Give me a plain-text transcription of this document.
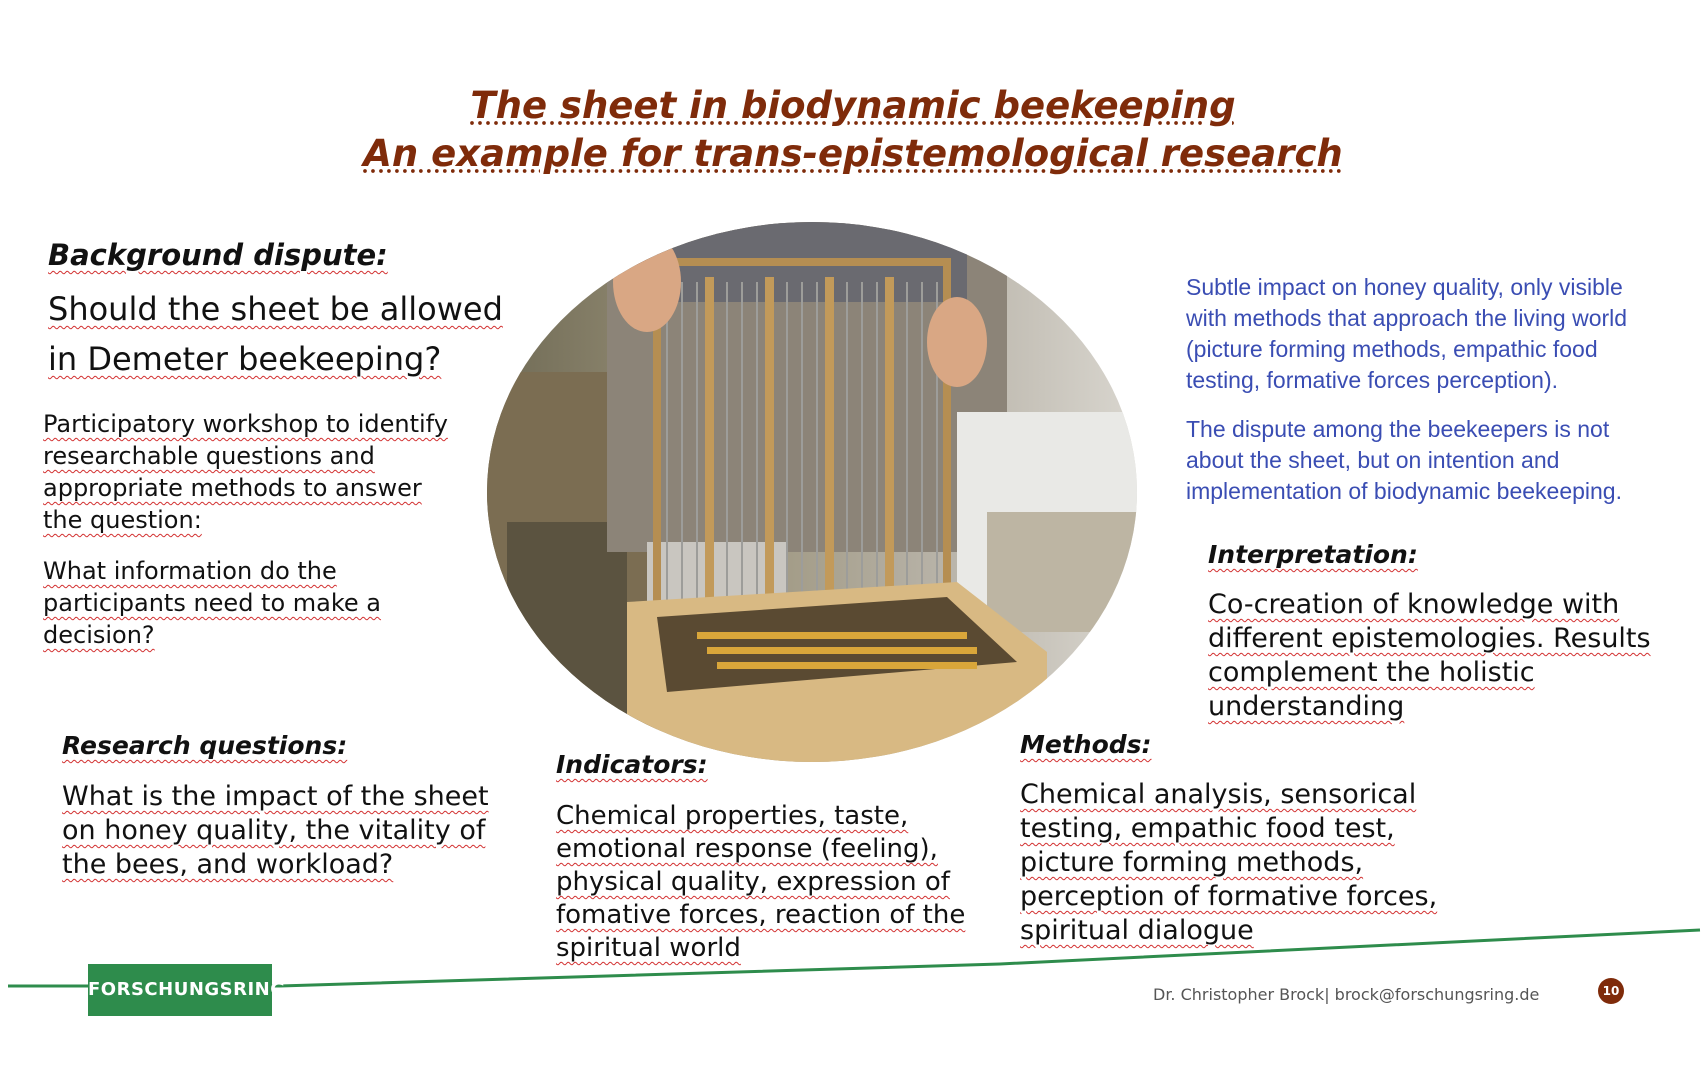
The sheet in biodynamic beekeeping
An example for trans-epistemological research
Background dispute:
Should the sheet be allowed
in Demeter beekeeping?
Participatory workshop to identify
researchable questions and
appropriate methods to answer
the question:
What information do the
participants need to make a
decision?
Subtle impact on honey quality, only visible
with methods that approach the living world
(picture forming methods, empathic food
testing, formative forces perception).
The dispute among the beekeepers is not
about the sheet, but on intention and
implementation of biodynamic beekeeping.
Interpretation:
Co-creation of knowledge with
different epistemologies. Results
complement the holistic
understanding
Research questions:
What is the impact of the sheet
on honey quality, the vitality of
the bees, and workload?
Indicators:
Chemical properties, taste,
emotional response (feeling),
physical quality, expression of
fomative forces, reaction of the
spiritual world
Methods:
Chemical analysis, sensorical
testing, empathic food test,
picture forming methods,
perception of formative forces,
spiritual dialogue
FORSCHUNGSRING	Dr. Christopher Brock| brock@forschungsring.de	10
